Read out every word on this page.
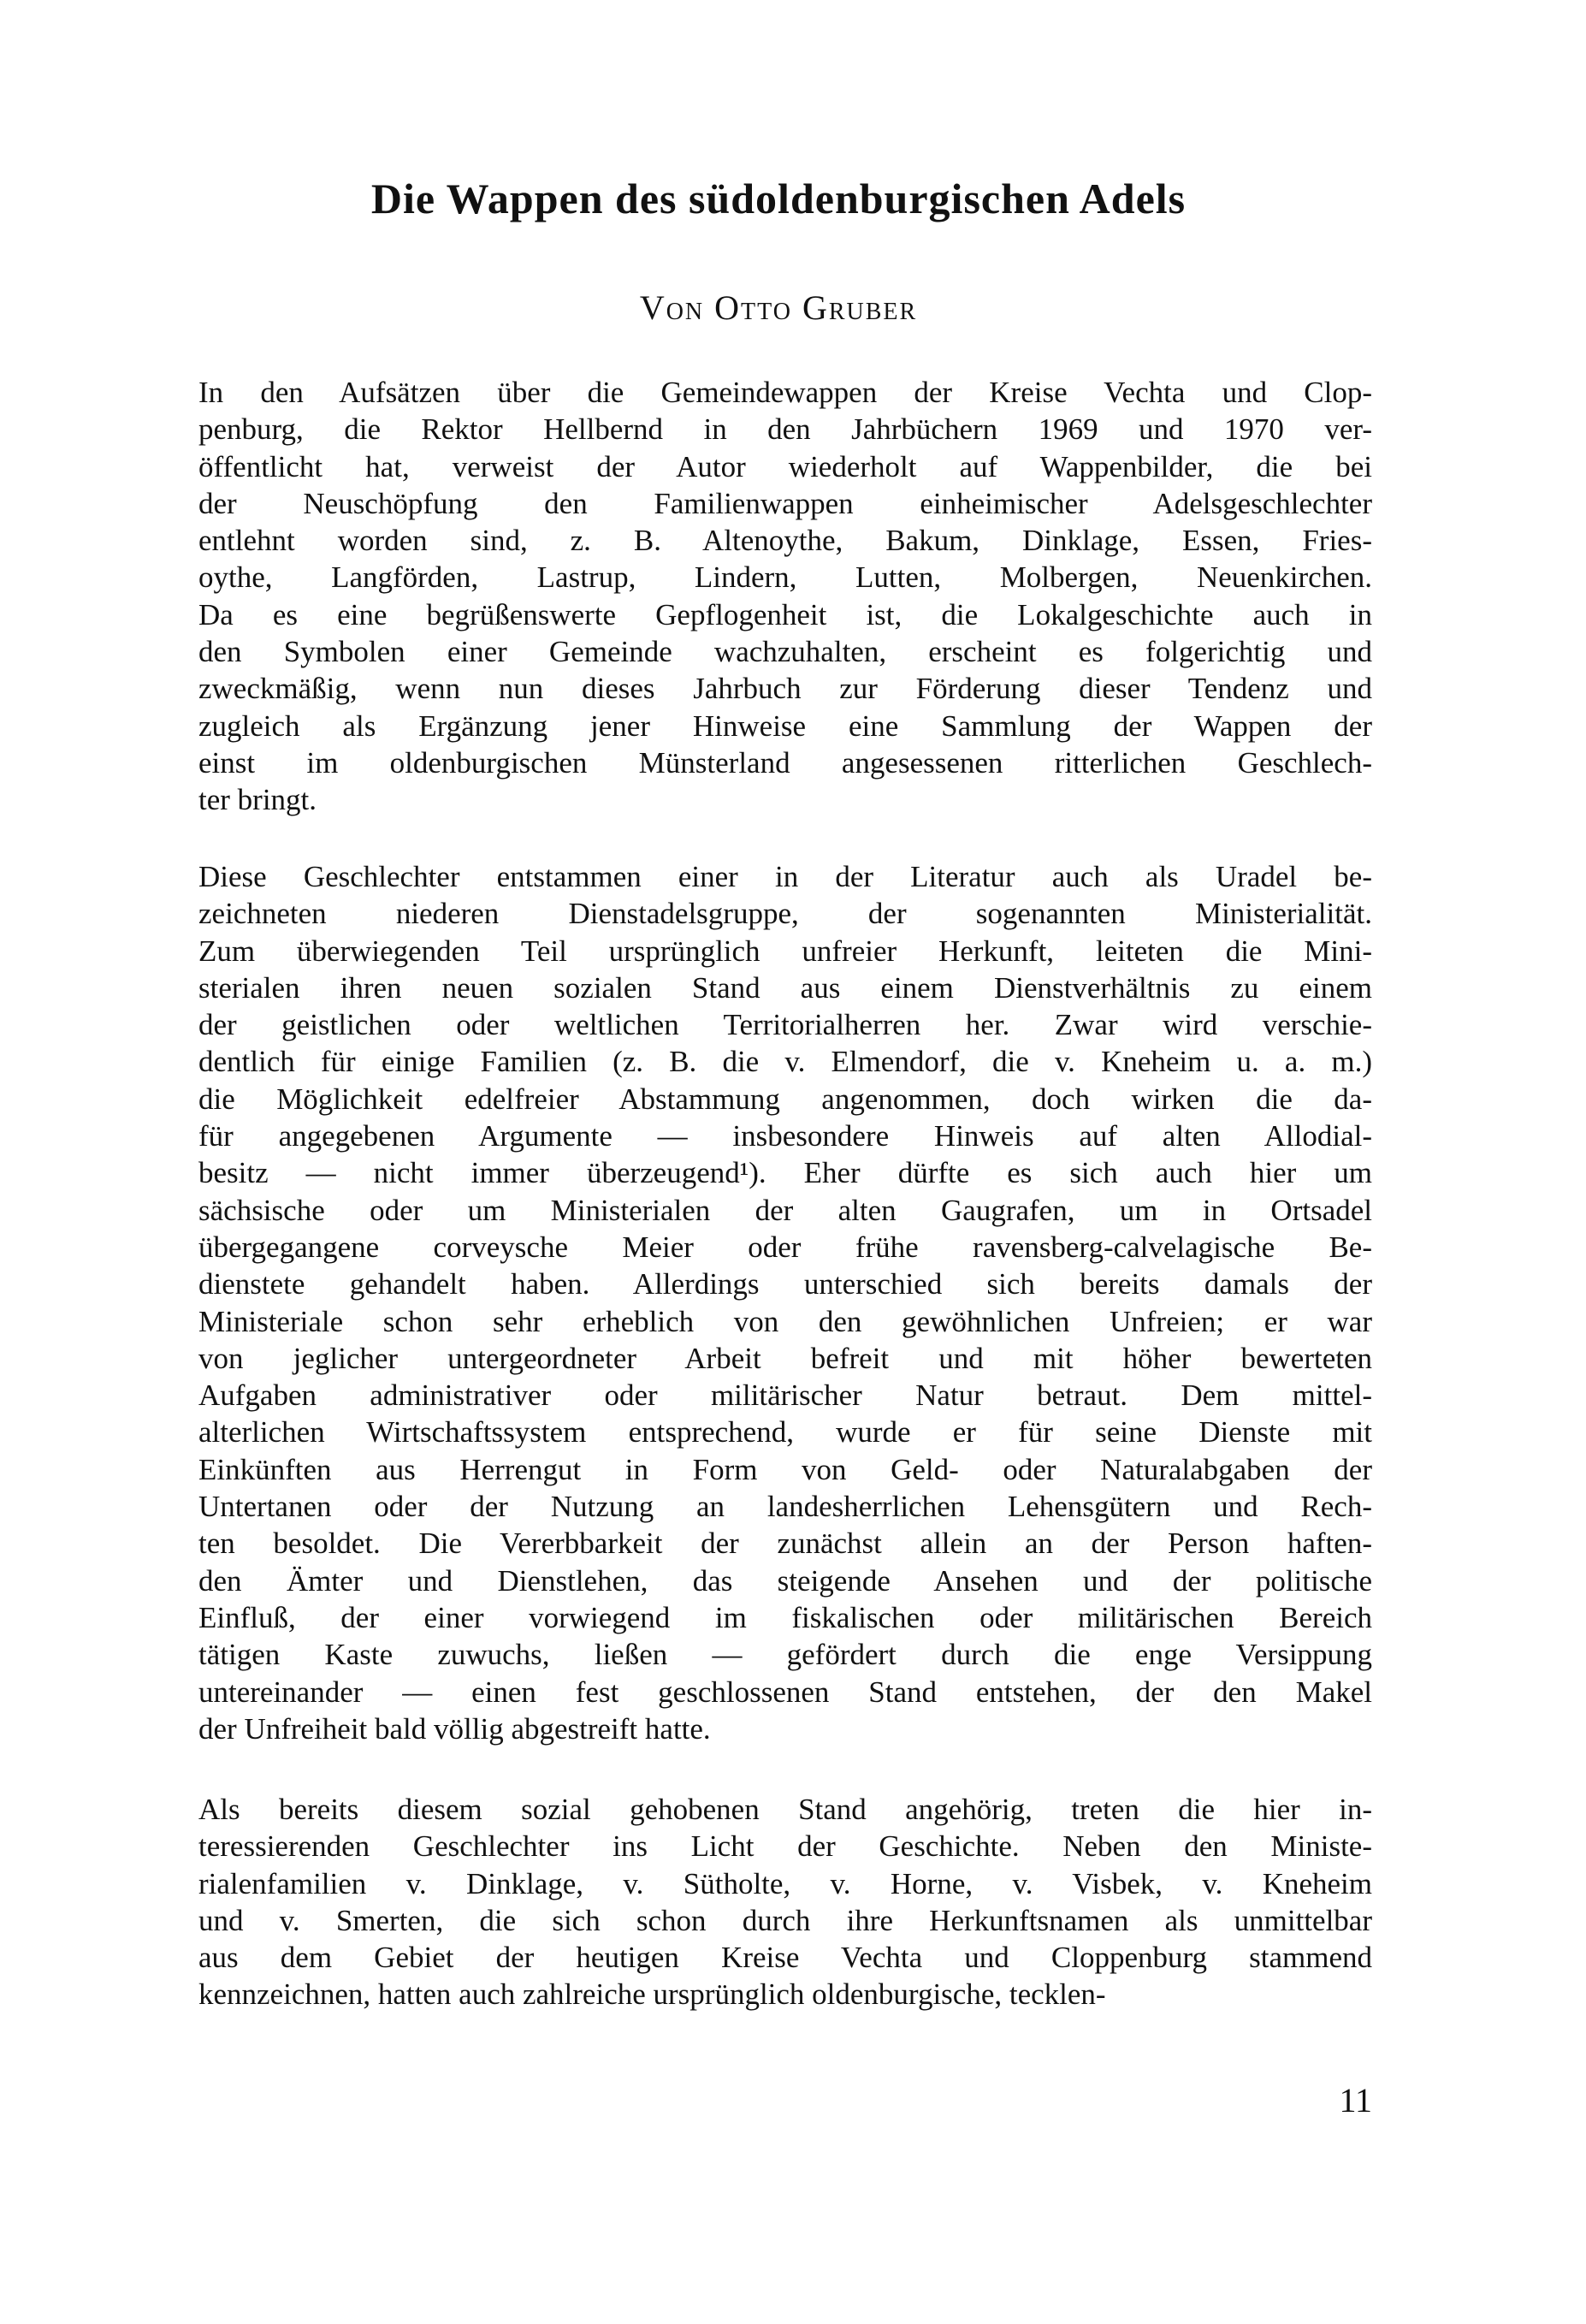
Die Wappen des südoldenburgischen Adels
Von Otto Gruber
In den Aufsätzen über die Gemeindewappen der Kreise Vechta und Clop-
penburg, die Rektor Hellbernd in den Jahrbüchern 1969 und 1970 ver-
öffentlicht hat, verweist der Autor wiederholt auf Wappenbilder, die bei
der Neuschöpfung den Familienwappen einheimischer Adelsgeschlechter
entlehnt worden sind, z. B. Altenoythe, Bakum, Dinklage, Essen, Fries-
oythe, Langförden, Lastrup, Lindern, Lutten, Molbergen, Neuenkirchen.
Da es eine begrüßenswerte Gepflogenheit ist, die Lokalgeschichte auch in
den Symbolen einer Gemeinde wachzuhalten, erscheint es folgerichtig und
zweckmäßig, wenn nun dieses Jahrbuch zur Förderung dieser Tendenz und
zugleich als Ergänzung jener Hinweise eine Sammlung der Wappen der
einst im oldenburgischen Münsterland angesessenen ritterlichen Geschlech-
ter bringt.
Diese Geschlechter entstammen einer in der Literatur auch als Uradel be-
zeichneten niederen Dienstadelsgruppe, der sogenannten Ministerialität.
Zum überwiegenden Teil ursprünglich unfreier Herkunft, leiteten die Mini-
sterialen ihren neuen sozialen Stand aus einem Dienstverhältnis zu einem
der geistlichen oder weltlichen Territorialherren her. Zwar wird verschie-
dentlich für einige Familien (z. B. die v. Elmendorf, die v. Kneheim u. a. m.)
die Möglichkeit edelfreier Abstammung angenommen, doch wirken die da-
für angegebenen Argumente — insbesondere Hinweis auf alten Allodial-
besitz — nicht immer überzeugend¹). Eher dürfte es sich auch hier um
sächsische oder um Ministerialen der alten Gaugrafen, um in Ortsadel
übergegangene corveysche Meier oder frühe ravensberg-calvelagische Be-
dienstete gehandelt haben. Allerdings unterschied sich bereits damals der
Ministeriale schon sehr erheblich von den gewöhnlichen Unfreien; er war
von jeglicher untergeordneter Arbeit befreit und mit höher bewerteten
Aufgaben administrativer oder militärischer Natur betraut. Dem mittel-
alterlichen Wirtschaftssystem entsprechend, wurde er für seine Dienste mit
Einkünften aus Herrengut in Form von Geld- oder Naturalabgaben der
Untertanen oder der Nutzung an landesherrlichen Lehensgütern und Rech-
ten besoldet. Die Vererbbarkeit der zunächst allein an der Person haften-
den Ämter und Dienstlehen, das steigende Ansehen und der politische
Einfluß, der einer vorwiegend im fiskalischen oder militärischen Bereich
tätigen Kaste zuwuchs, ließen — gefördert durch die enge Versippung
untereinander — einen fest geschlossenen Stand entstehen, der den Makel
der Unfreiheit bald völlig abgestreift hatte.
Als bereits diesem sozial gehobenen Stand angehörig, treten die hier in-
teressierenden Geschlechter ins Licht der Geschichte. Neben den Ministe-
rialenfamilien v. Dinklage, v. Sütholte, v. Horne, v. Visbek, v. Kneheim
und v. Smerten, die sich schon durch ihre Herkunftsnamen als unmittelbar
aus dem Gebiet der heutigen Kreise Vechta und Cloppenburg stammend
kennzeichnen, hatten auch zahlreiche ursprünglich oldenburgische, tecklen-
11
